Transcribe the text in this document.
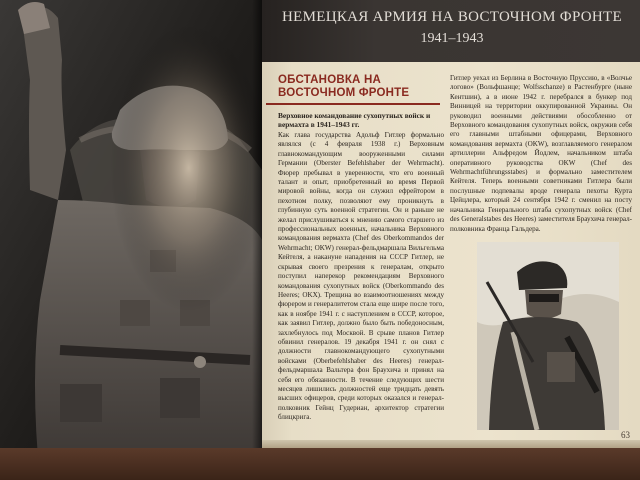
НЕМЕЦКАЯ АРМИЯ НА ВОСТОЧНОМ ФРОНТЕ
1941–1943
ОБСТАНОВКА НА
ВОСТОЧНОМ ФРОНТЕ

Верховное командование сухопутных войск и вермахта в 1941–1943 гг.

Как глава государства Адольф Гитлер формально являлся (с 4 февраля 1938 г.) Верховным главнокомандующим вооруженными силами Германии (Oberster Befehlshaber der Wehrmacht). Фюрер пребывал в уверенности, что его военный талант и опыт, приобретенный во время Первой мировой войны, когда он служил ефрейтором в пехотном полку, позволяют ему проникнуть в глубинную суть военной стратегии. Он и раньше не желал прислушиваться к мнению самого старшего из профессиональных военных, начальника Верховного командования вермахта (Chef des Oberkommandos der Wehrmacht; OKW) генерал-фельдмаршала Вильгельма Кейтеля, а накануне нападения на СССР Гитлер, не скрывая своего презрения к генералам, открыто поступил наперекор рекомендациям Верховного командования сухопутных войск (Oberkommando des Heeres; OKX). Трещина во взаимоотношениях между фюрером и генералитетом стала еще шире после того, как в ноябре 1941 г. с наступлением в СССР, которое, как заявил Гитлер, должно было быть победоносным, захлебнулось под Москвой. В срыве планов Гитлер обвинил генералов. 19 декабря 1941 г. он снял с должности главнокомандующего сухопутными войсками (Oberbefehlshaber des Heeres) генерал-фельдмаршала Вальтера фон Браухича и принял на себя его обязанности. В течение следующих шести месяцев лишились должностей еще тридцать девять высших офицеров, среди которых оказался и генерал-полковник Гейнц Гудериан, архитектор стратегии блицкрига.

Гитлер уехал из Берлина в Восточную Пруссию, в «Волчье логово» (Вольфшанце; Wolfsschanze) в Растенбурге (ныне Кентшин), а в июне 1942 г. перебрался в бункер под Винницей на территории оккупированной Украины. Он руководил военными действиями обособленно от Верховного командования сухопутных войск, окружив себя его главными штабными офицерами, Верховного командования вермахта (OKW), возглавляемого генералом артиллерии Альфредом Йодлем, начальником штаба оперативного руководства OKW (Chef des Wehrmachtführungsstabes) и формально заместителем Кейтеля. Теперь военными советниками Гитлера были послушные подпевалы вроде генерала пехоты Курта Цейцлера, который 24 сентября 1942 г. сменил на посту начальника Генерального штаба сухопутных войск (Chef des Generalstabes des Heeres) заместителя Браухича генерал-полковника Франца Гальдера.

63
